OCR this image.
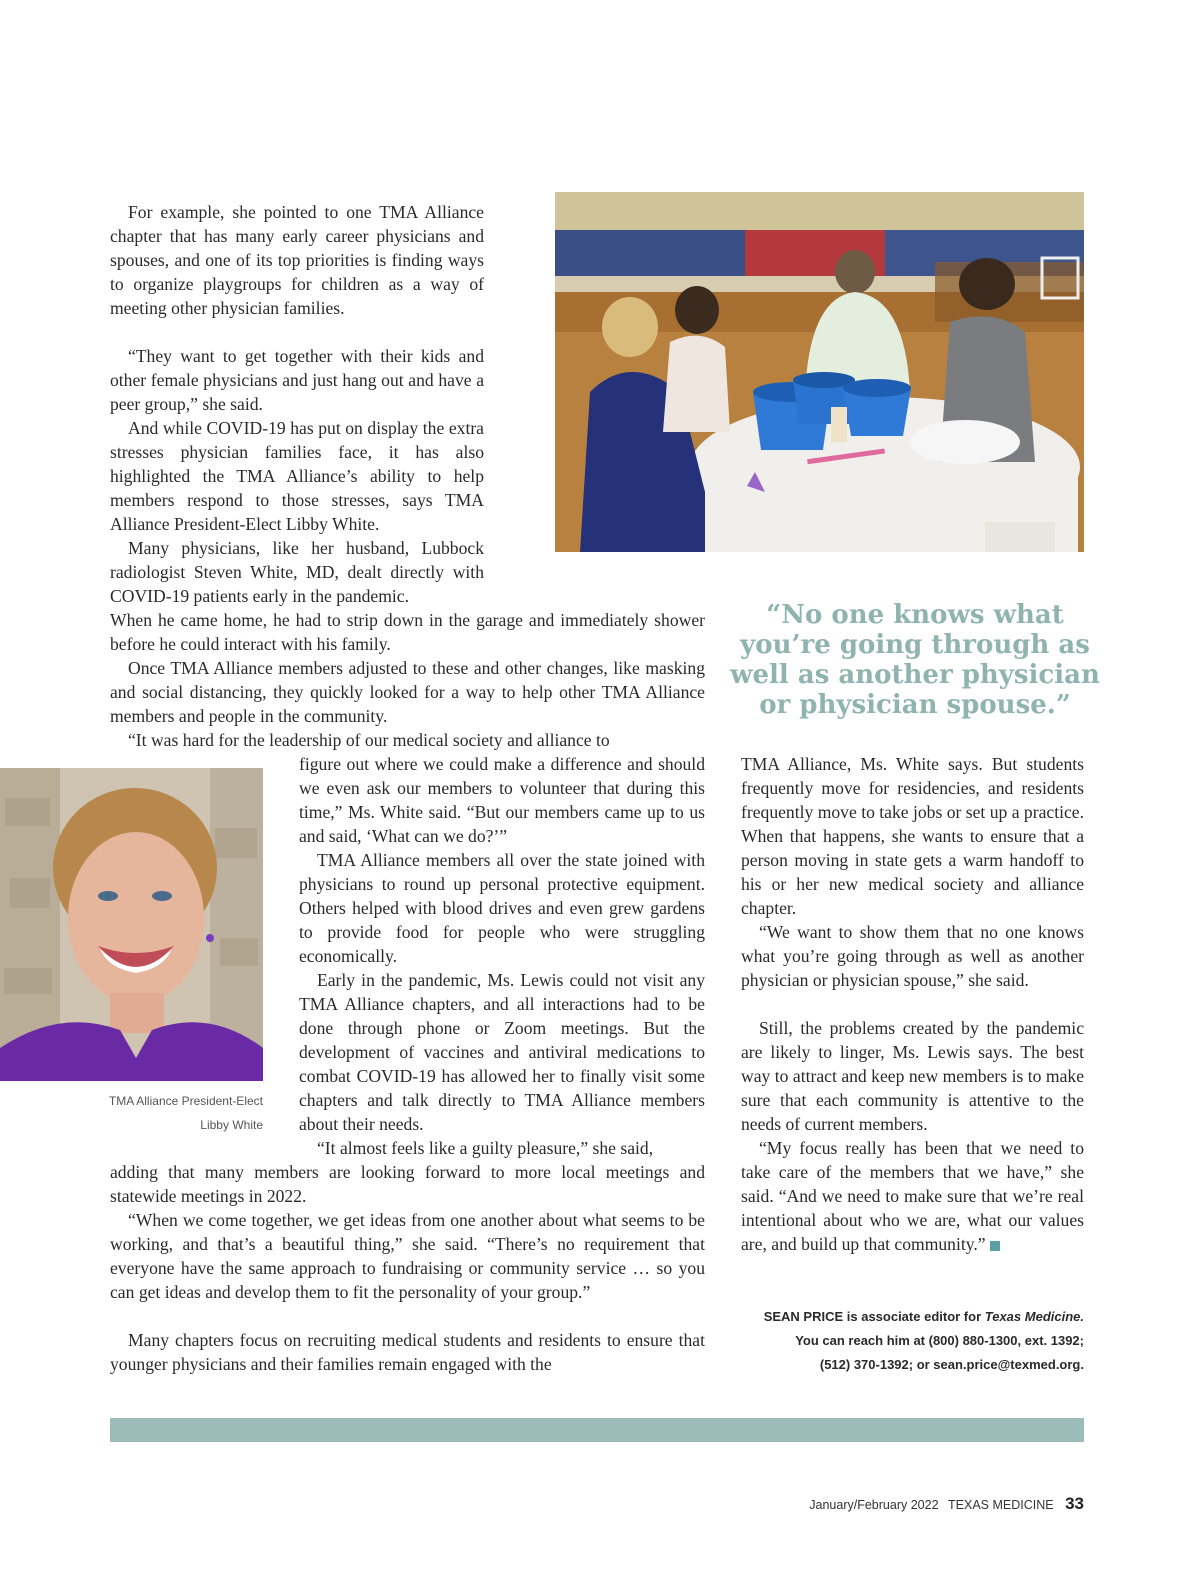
For example, she pointed to one TMA Alliance chapter that has many early career physicians and spouses, and one of its top priorities is finding ways to organize playgroups for children as a way of meeting other physician families.

“They want to get together with their kids and other female physicians and just hang out and have a peer group,” she said.

And while COVID-19 has put on display the extra stresses physician families face, it has also highlighted the TMA Alliance’s ability to help members respond to those stresses, says TMA Alliance President-Elect Libby White.

Many physicians, like her husband, Lubbock radiologist Steven White, MD, dealt directly with COVID-19 patients early in the pandemic.

When he came home, he had to strip down in the garage and immediately shower before he could interact with his family.

Once TMA Alliance members adjusted to these and other changes, like masking and social distancing, they quickly looked for a way to help other TMA Alliance members and people in the community.

“It was hard for the leadership of our medical society and alliance to

figure out where we could make a difference and should we even ask our members to volunteer that during this time,” Ms. White said. “But our members came up to us and said, ‘What can we do?’”

TMA Alliance members all over the state joined with physicians to round up personal protective equipment. Others helped with blood drives and even grew gardens to provide food for people who were struggling economically.

Early in the pandemic, Ms. Lewis could not visit any TMA Alliance chapters, and all interactions had to be done through phone or Zoom meetings. But the development of vaccines and antiviral medications to combat COVID-19 has allowed her to finally visit some chapters and talk directly to TMA Alliance members about their needs.

“It almost feels like a guilty pleasure,” she said,

adding that many members are looking forward to more local meetings and statewide meetings in 2022.

“When we come together, we get ideas from one another about what seems to be working, and that’s a beautiful thing,” she said. “There’s no requirement that everyone have the same approach to fundraising or community service … so you can get ideas and develop them to fit the personality of your group.”

Many chapters focus on recruiting medical students and residents to ensure that younger physicians and their families remain engaged with the

TMA Alliance President-Elect
Libby White

“No one knows what you’re going through as well as another physician or physician spouse.”

TMA Alliance, Ms. White says. But students frequently move for residencies, and residents frequently move to take jobs or set up a practice. When that happens, she wants to ensure that a person moving in state gets a warm handoff to his or her new medical society and alliance chapter.

“We want to show them that no one knows what you’re going through as well as another physician or physician spouse,” she said.

Still, the problems created by the pandemic are likely to linger, Ms. Lewis says. The best way to attract and keep new members is to make sure that each community is attentive to the needs of current members.

“My focus really has been that we need to take care of the members that we have,” she said. “And we need to make sure that we’re real intentional about who we are, what our values are, and build up that community.”

SEAN PRICE is associate editor for Texas Medicine.
You can reach him at (800) 880-1300, ext. 1392;
(512) 370-1392; or sean.price@texmed.org.
January/February 2022 TEXAS MEDICINE 33
